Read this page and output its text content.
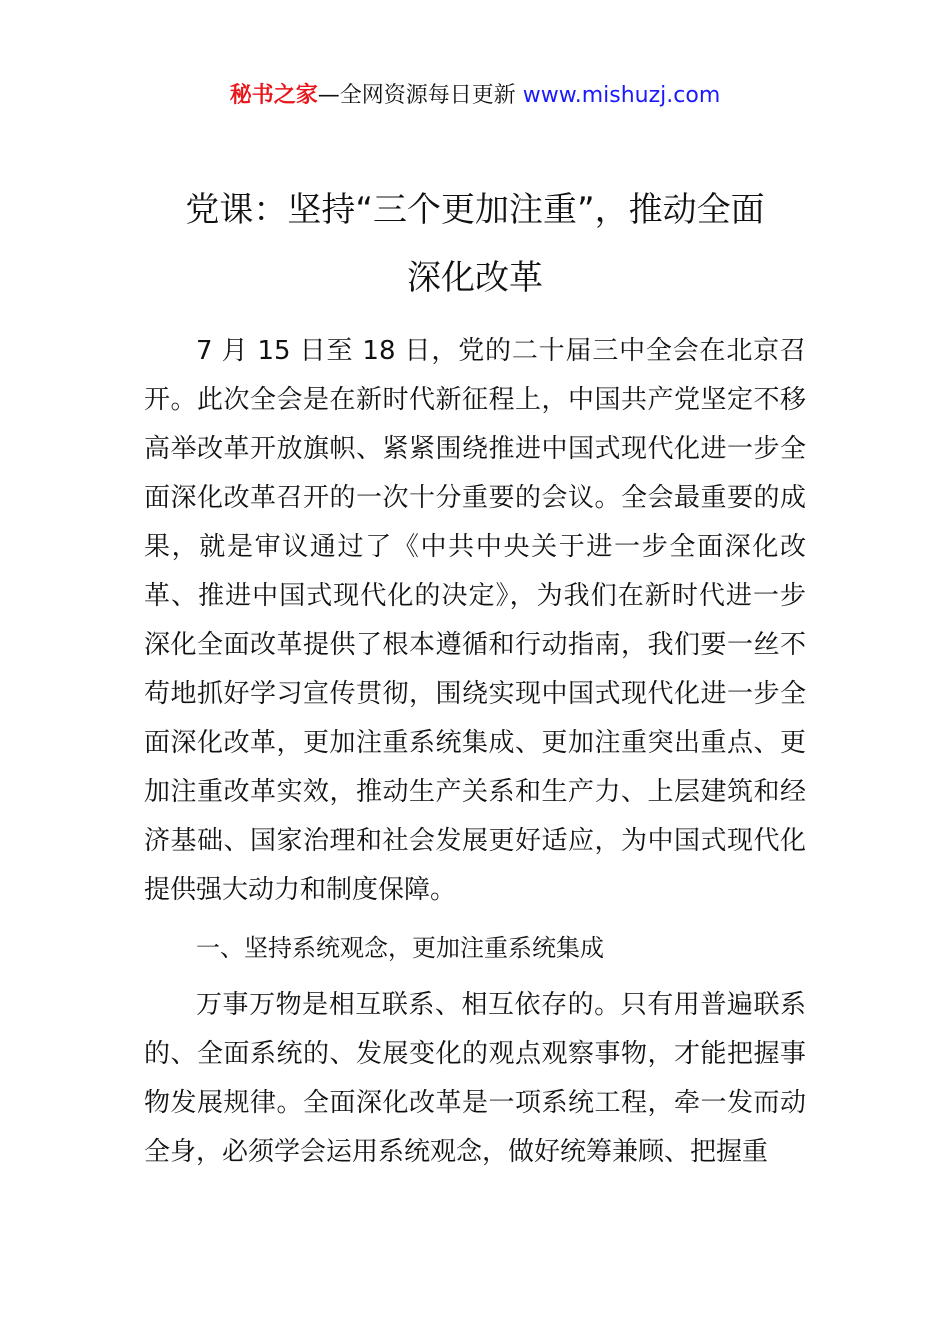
秘书之家—全网资源每日更新 www.mishuzj.com
党课：坚持“三个更加注重”，推动全面
深化改革

7 月 15 日至 18 日，党的二十届三中全会在北京召开。此次全会是在新时代新征程上，中国共产党坚定不移高举改革开放旗帜、紧紧围绕推进中国式现代化进一步全面深化改革召开的一次十分重要的会议。全会最重要的成果，就是审议通过了《中共中央关于进一步全面深化改革、推进中国式现代化的决定》，为我们在新时代进一步深化全面改革提供了根本遵循和行动指南，我们要一丝不苟地抓好学习宣传贯彻，围绕实现中国式现代化进一步全面深化改革，更加注重系统集成、更加注重突出重点、更加注重改革实效，推动生产关系和生产力、上层建筑和经济基础、国家治理和社会发展更好适应，为中国式现代化提供强大动力和制度保障。

一、坚持系统观念，更加注重系统集成

万事万物是相互联系、相互依存的。只有用普遍联系的、全面系统的、发展变化的观点观察事物，才能把握事物发展规律。全面深化改革是一项系统工程，牵一发而动全身，必须学会运用系统观念，做好统筹兼顾、把握重
